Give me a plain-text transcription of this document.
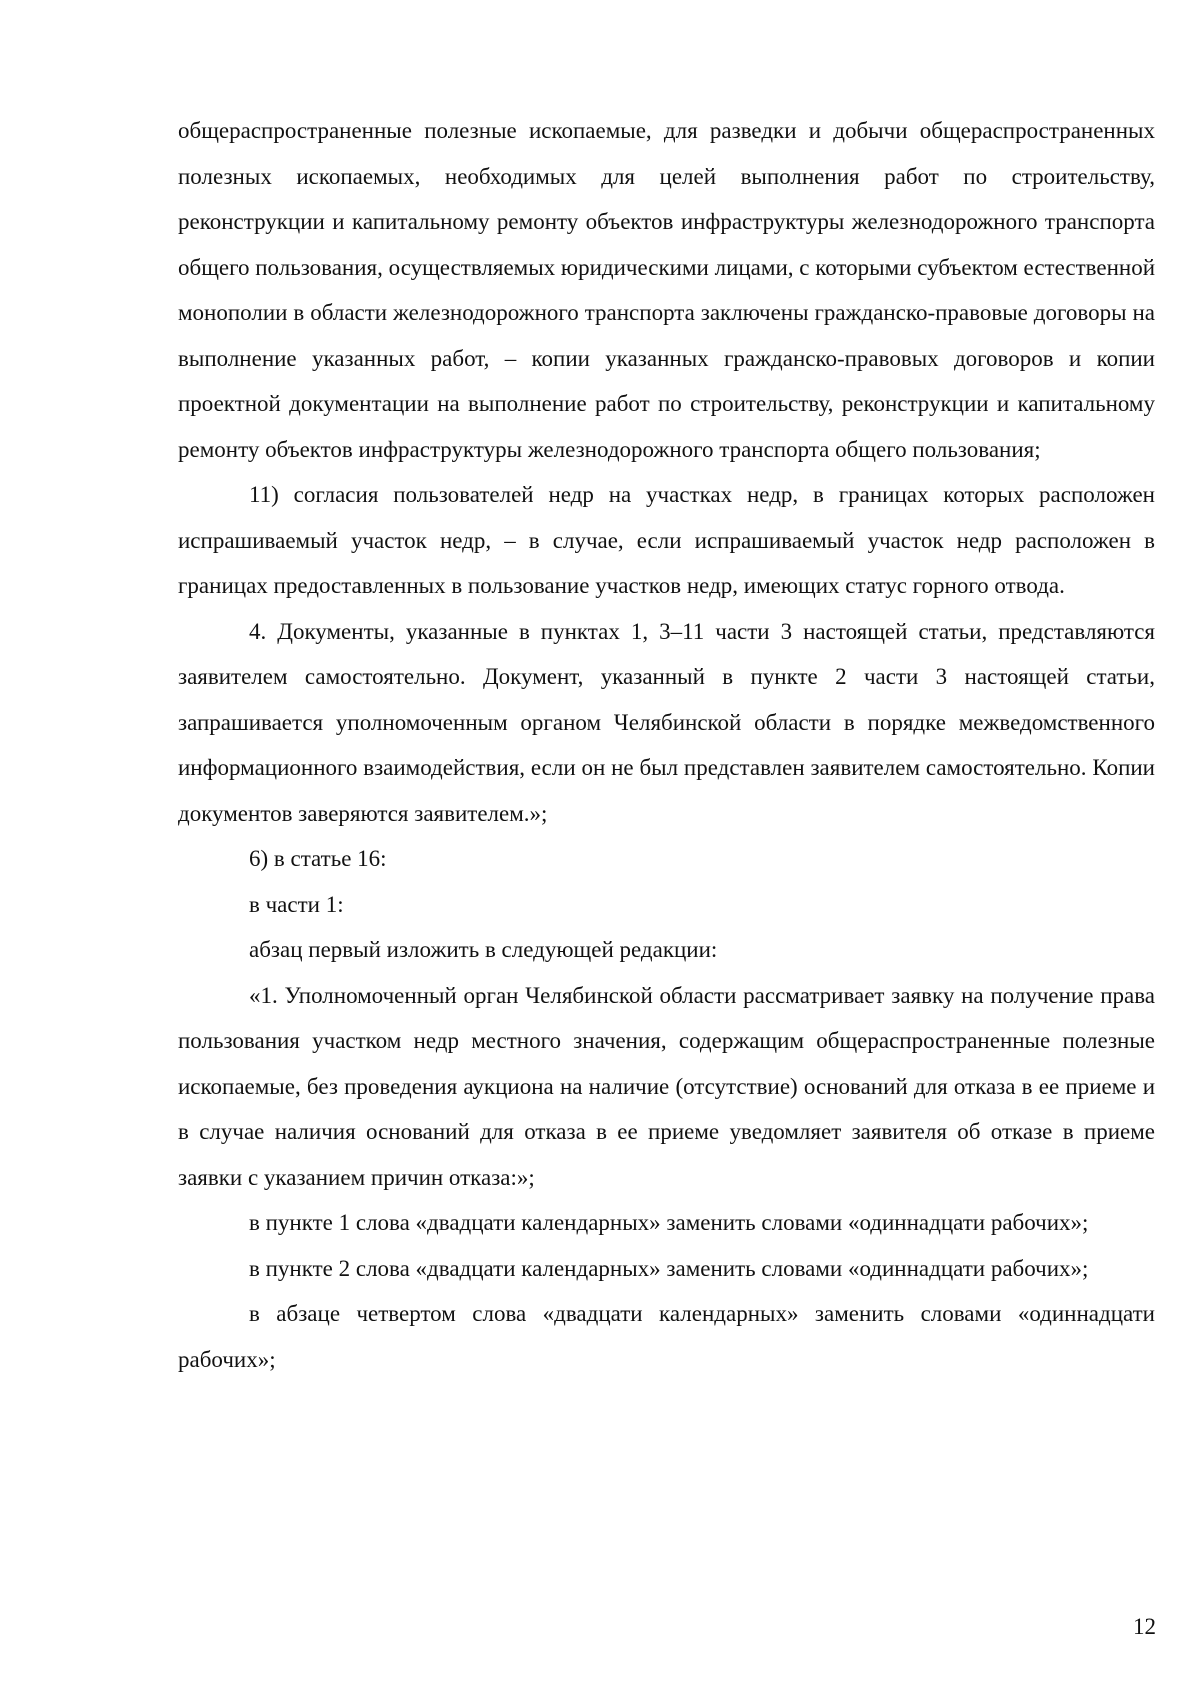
общераспространенные полезные ископаемые, для разведки и добычи общераспространенных полезных ископаемых, необходимых для целей выполнения работ по строительству, реконструкции и капитальному ремонту объектов инфраструктуры железнодорожного транспорта общего пользования, осуществляемых юридическими лицами, с которыми субъектом естественной монополии в области железнодорожного транспорта заключены гражданско-правовые договоры на выполнение указанных работ, – копии указанных гражданско-правовых договоров и копии проектной документации на выполнение работ по строительству, реконструкции и капитальному ремонту объектов инфраструктуры железнодорожного транспорта общего пользования;

11) согласия пользователей недр на участках недр, в границах которых расположен испрашиваемый участок недр, – в случае, если испрашиваемый участок недр расположен в границах предоставленных в пользование участков недр, имеющих статус горного отвода.

4. Документы, указанные в пунктах 1, 3–11 части 3 настоящей статьи, представляются заявителем самостоятельно. Документ, указанный в пункте 2 части 3 настоящей статьи, запрашивается уполномоченным органом Челябинской области в порядке межведомственного информационного взаимодействия, если он не был представлен заявителем самостоятельно. Копии документов заверяются заявителем.»;

6) в статье 16:

в части 1:

абзац первый изложить в следующей редакции:

«1. Уполномоченный орган Челябинской области рассматривает заявку на получение права пользования участком недр местного значения, содержащим общераспространенные полезные ископаемые, без проведения аукциона на наличие (отсутствие) оснований для отказа в ее приеме и в случае наличия оснований для отказа в ее приеме уведомляет заявителя об отказе в приеме заявки с указанием причин отказа:»;

в пункте 1 слова «двадцати календарных» заменить словами «одиннадцати рабочих»;

в пункте 2 слова «двадцати календарных» заменить словами «одиннадцати рабочих»;

в абзаце четвертом слова «двадцати календарных» заменить словами «одиннадцати рабочих»;

12
